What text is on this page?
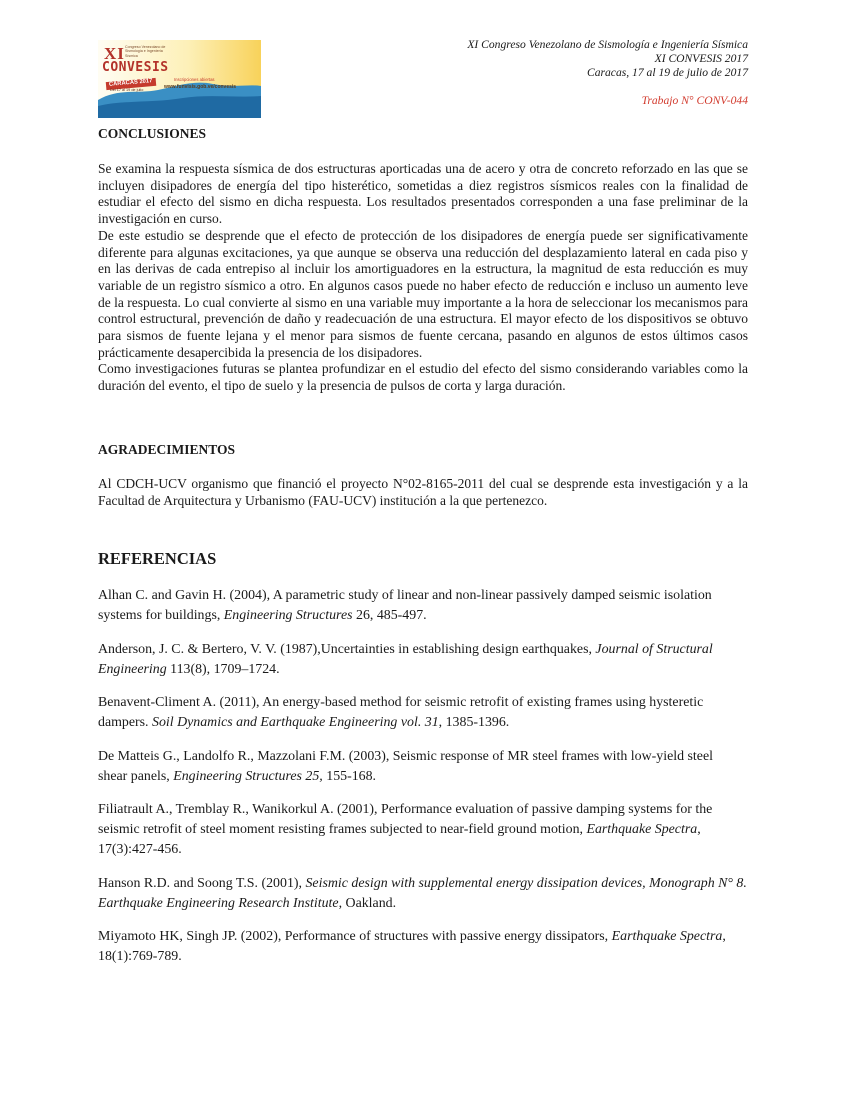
XI Congreso Venezolano de Sismología e Ingeniería Sísmica
CONVESIS
CARACAS 2017
Del 17 al 19 de julio
Inscripciones abiertas
www.funvisis.gob.ve/convesis
XI Congreso Venezolano de Sismología e Ingeniería Sísmica
XI CONVESIS 2017
Caracas, 17 al 19 de julio de 2017
Trabajo N° CONV-044
CONCLUSIONES

Se examina la respuesta sísmica de dos estructuras aporticadas una de acero y otra de concreto reforzado en las que se incluyen disipadores de energía del tipo histerético, sometidas a diez registros sísmicos reales con la finalidad de estudiar el efecto del sismo en dicha respuesta. Los resultados presentados corresponden a una fase preliminar de la investigación en curso.

De este estudio se desprende que el efecto de protección de los disipadores de energía puede ser significativamente diferente para algunas excitaciones, ya que aunque se observa una reducción del desplazamiento lateral en cada piso y en las derivas de cada entrepiso al incluir los amortiguadores en la estructura, la magnitud de esta reducción es muy variable de un registro sísmico a otro. En algunos casos puede no haber efecto de reducción e incluso un aumento leve de la respuesta. Lo cual convierte al sismo en una variable muy importante a la hora de seleccionar los mecanismos para control estructural, prevención de daño y readecuación de una estructura. El mayor efecto de los dispositivos se obtuvo para sismos de fuente lejana y el menor para sismos de fuente cercana, pasando en algunos de estos últimos casos prácticamente desapercibida la presencia de los disipadores.

Como investigaciones futuras se plantea profundizar en el estudio del efecto del sismo considerando variables como la duración del evento, el tipo de suelo y la presencia de pulsos de corta y larga duración.

AGRADECIMIENTOS

Al CDCH-UCV organismo que financió el proyecto N°02-8165-2011 del cual se desprende esta investigación y a la Facultad de Arquitectura y Urbanismo (FAU-UCV) institución a la que pertenezco.

REFERENCIAS

Alhan C. and Gavin H. (2004), A parametric study of linear and non-linear passively damped seismic isolation systems for buildings, Engineering Structures 26, 485-497.

Anderson, J. C. & Bertero, V. V. (1987),Uncertainties in establishing design earthquakes, Journal of Structural Engineering 113(8), 1709–1724.

Benavent-Climent A. (2011), An energy-based method for seismic retrofit of existing frames using hysteretic dampers. Soil Dynamics and Earthquake Engineering vol. 31, 1385-1396.

De Matteis G., Landolfo R., Mazzolani F.M. (2003), Seismic response of MR steel frames with low-yield steel shear panels, Engineering Structures 25, 155-168.

Filiatrault A., Tremblay R., Wanikorkul A. (2001), Performance evaluation of passive damping systems for the seismic retrofit of steel moment resisting frames subjected to near-field ground motion, Earthquake Spectra, 17(3):427-456.

Hanson R.D. and Soong T.S. (2001), Seismic design with supplemental energy dissipation devices, Monograph N° 8. Earthquake Engineering Research Institute, Oakland.

Miyamoto HK, Singh JP. (2002), Performance of structures with passive energy dissipators, Earthquake Spectra, 18(1):769-789.
